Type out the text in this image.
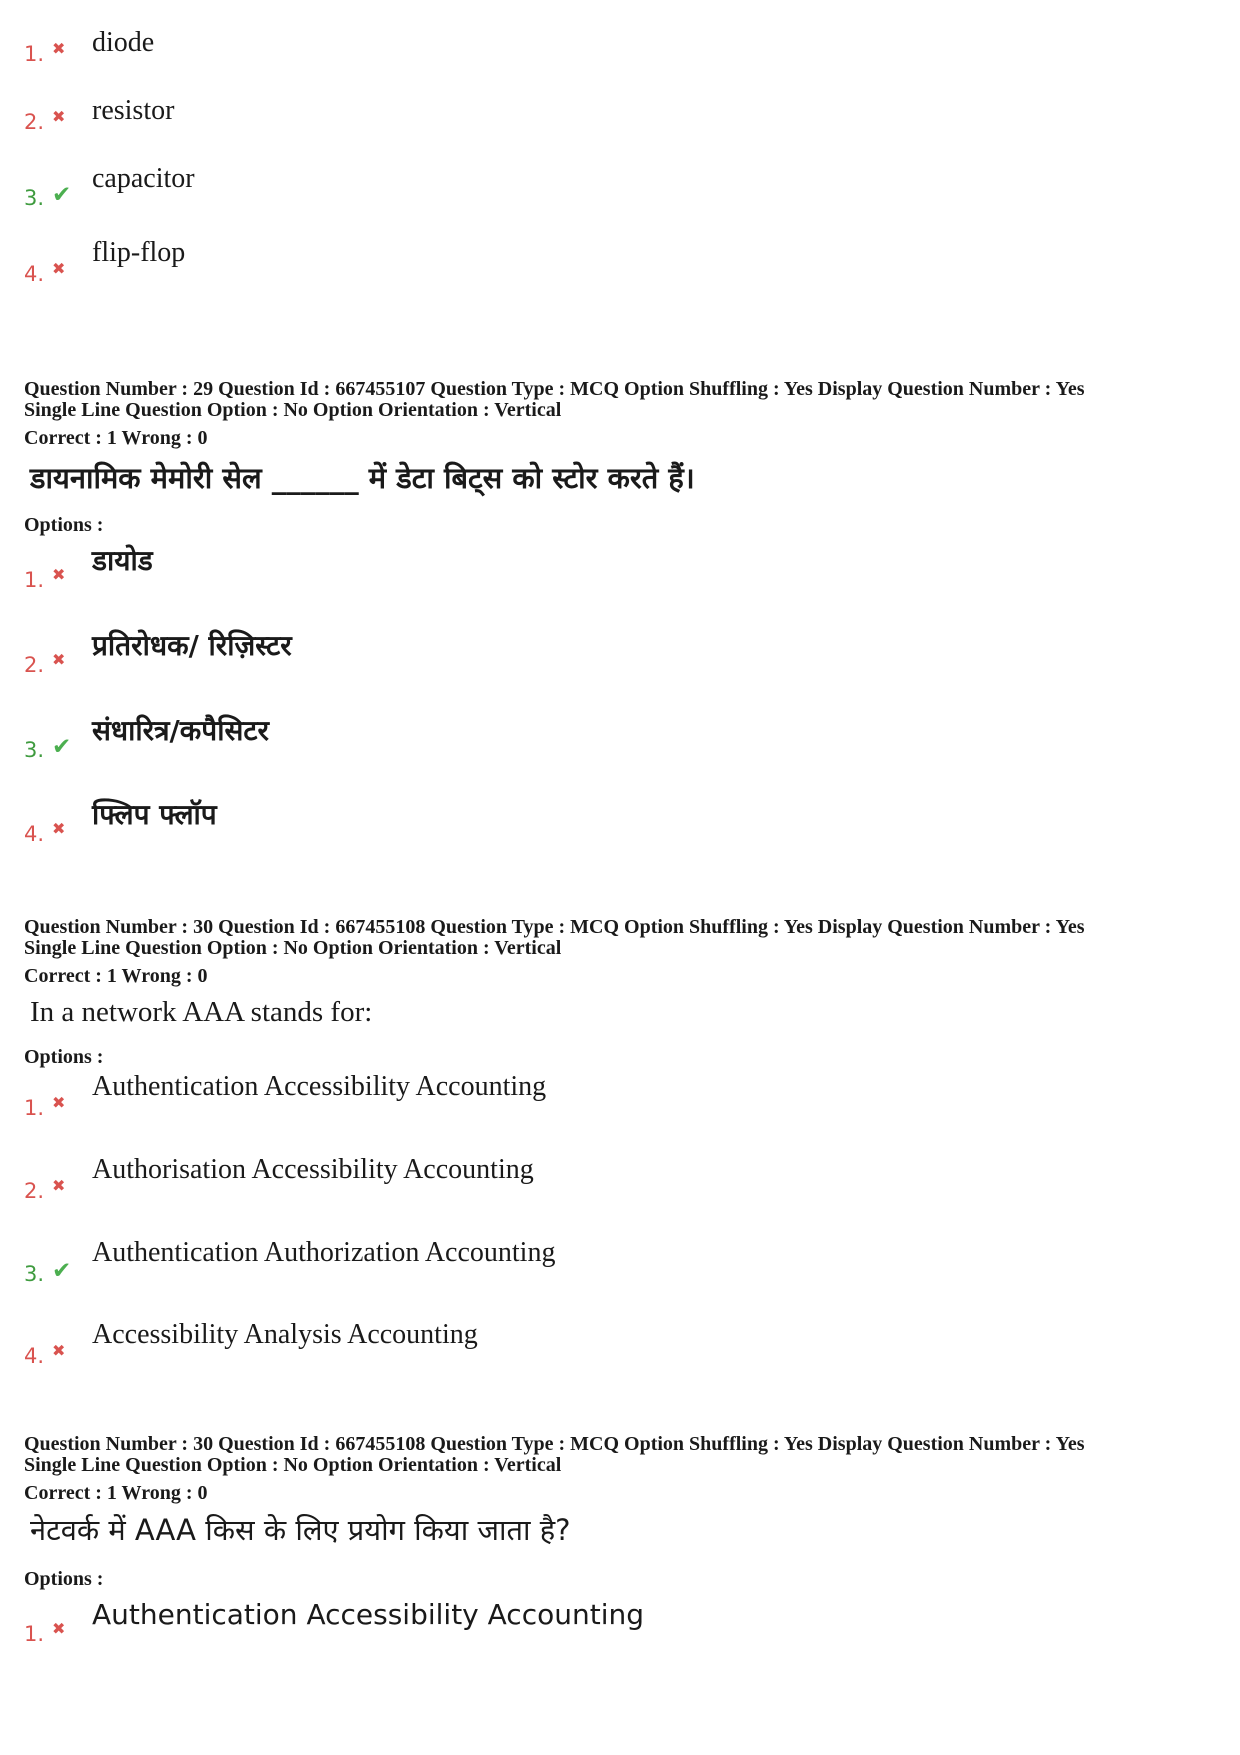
1. ✖ diode
2. ✖ resistor
3. ✔
capacitor
4. ✖
flip-flop
Question Number : 29 Question Id : 667455107 Question Type : MCQ Option Shuffling : Yes Display Question Number : Yes
Single Line Question Option : No Option Orientation : Vertical
Correct : 1 Wrong : 0
डायनामिक मेमोरी सेल ______ में डेटा बिट्स को स्टोर करते हैं।
Options :
1. ✖ डायोड
2. ✖ प्रतिरोधक/ रिज़िस्टर
3. ✔ संधारित्र/कपैसिटर
4. ✖ फ्लिप फ्लॉप
Question Number : 30 Question Id : 667455108 Question Type : MCQ Option Shuffling : Yes Display Question Number : Yes
Single Line Question Option : No Option Orientation : Vertical
Correct : 1 Wrong : 0
In a network AAA stands for:
Options :
1. ✖
Authentication Accessibility Accounting
2. ✖
Authorisation Accessibility Accounting
3. ✔
Authentication Authorization Accounting
4. ✖
Accessibility Analysis Accounting
Question Number : 30 Question Id : 667455108 Question Type : MCQ Option Shuffling : Yes Display Question Number : Yes
Single Line Question Option : No Option Orientation : Vertical
Correct : 1 Wrong : 0
नेटवर्क में AAA किस के लिए प्रयोग किया जाता है?
Options :
1. ✖ Authentication Accessibility Accounting
